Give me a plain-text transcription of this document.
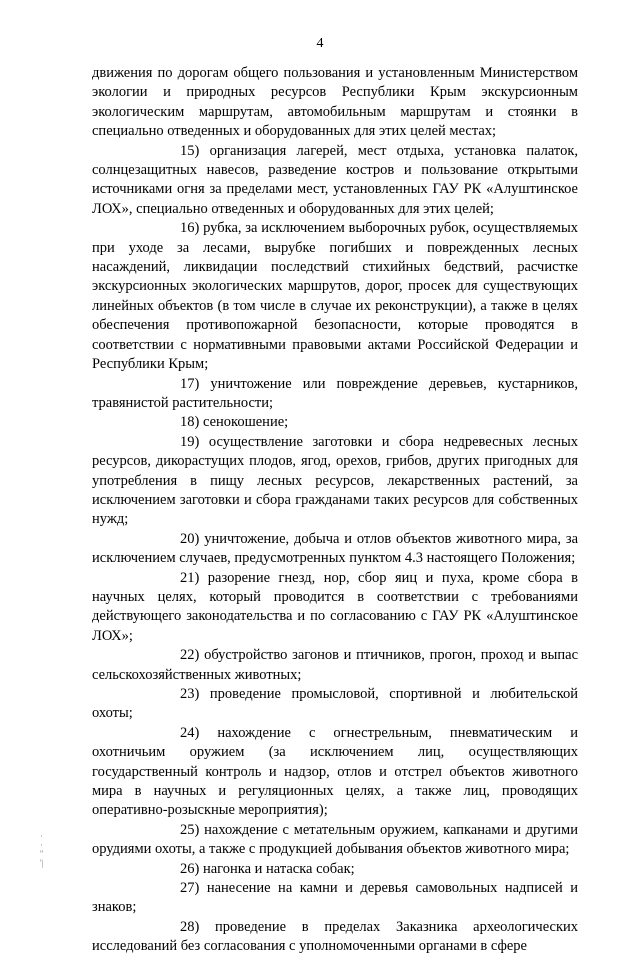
4

движения по дорогам общего пользования и установленным Министерством экологии и природных ресурсов Республики Крым экскурсионным экологическим маршрутам, автомобильным маршрутам и стоянки в специально отведенных и оборудованных для этих целей местах;

15) организация лагерей, мест отдыха, установка палаток, солнцезащитных навесов, разведение костров и пользование открытыми источниками огня за пределами мест, установленных ГАУ РК «Алуштинское ЛОХ», специально отведенных и оборудованных для этих целей;

16) рубка, за исключением выборочных рубок, осуществляемых при уходе за лесами, вырубке погибших и поврежденных лесных насаждений, ликвидации последствий стихийных бедствий, расчистке экскурсионных экологических маршрутов, дорог, просек для существующих линейных объектов (в том числе в случае их реконструкции), а также в целях обеспечения противопожарной безопасности, которые проводятся в соответствии с нормативными правовыми актами Российской Федерации и Республики Крым;

17) уничтожение или повреждение деревьев, кустарников, травянистой растительности;

18) сенокошение;

19) осуществление заготовки и сбора недревесных лесных ресурсов, дикорастущих плодов, ягод, орехов, грибов, других пригодных для употребления в пищу лесных ресурсов, лекарственных растений, за исключением заготовки и сбора гражданами таких ресурсов для собственных нужд;

20) уничтожение, добыча и отлов объектов животного мира, за исключением случаев, предусмотренных пунктом 4.3 настоящего Положения;

21) разорение гнезд, нор, сбор яиц и пуха, кроме сбора в научных целях, который проводится в соответствии с требованиями действующего законодательства и по согласованию с ГАУ РК «Алуштинское ЛОХ»;

22) обустройство загонов и птичников, прогон, проход и выпас сельскохозяйственных животных;

23) проведение промысловой, спортивной и любительской охоты;

24) нахождение с огнестрельным, пневматическим и охотничьим оружием (за исключением лиц, осуществляющих государственный контроль и надзор, отлов и отстрел объектов животного мира в научных и регуляционных целях, а также лиц, проводящих оперативно-розыскные мероприятия);

25) нахождение с метательным оружием, капканами и другими орудиями охоты, а также с продукцией добывания объектов животного мира;

26) нагонка и натаска собак;

27) нанесение на камни и деревья самовольных надписей и знаков;

28) проведение в пределах Заказника археологических исследований без согласования с уполномоченными органами в сфере

·
·
''
'|
